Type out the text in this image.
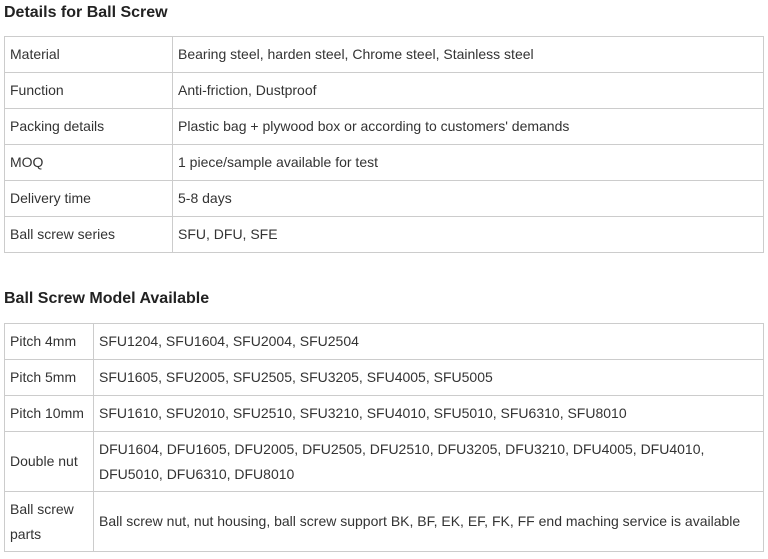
Details for Ball Screw
Material	Bearing steel, harden steel, Chrome steel, Stainless steel
Function	Anti-friction, Dustproof
Packing details	Plastic bag + plywood box or according to customers' demands
MOQ	1 piece/sample available for test
Delivery time	5-8 days
Ball screw series	SFU, DFU, SFE
Ball Screw Model Available
Pitch 4mm	SFU1204, SFU1604, SFU2004, SFU2504
Pitch 5mm	SFU1605, SFU2005, SFU2505, SFU3205, SFU4005, SFU5005
Pitch 10mm	SFU1610, SFU2010, SFU2510, SFU3210, SFU4010, SFU5010, SFU6310, SFU8010
Double nut	DFU1604, DFU1605, DFU2005, DFU2505, DFU2510, DFU3205, DFU3210, DFU4005, DFU4010, DFU5010, DFU6310, DFU8010
Ball screw parts	Ball screw nut, nut housing, ball screw support BK, BF, EK, EF, FK, FF end maching service is available
